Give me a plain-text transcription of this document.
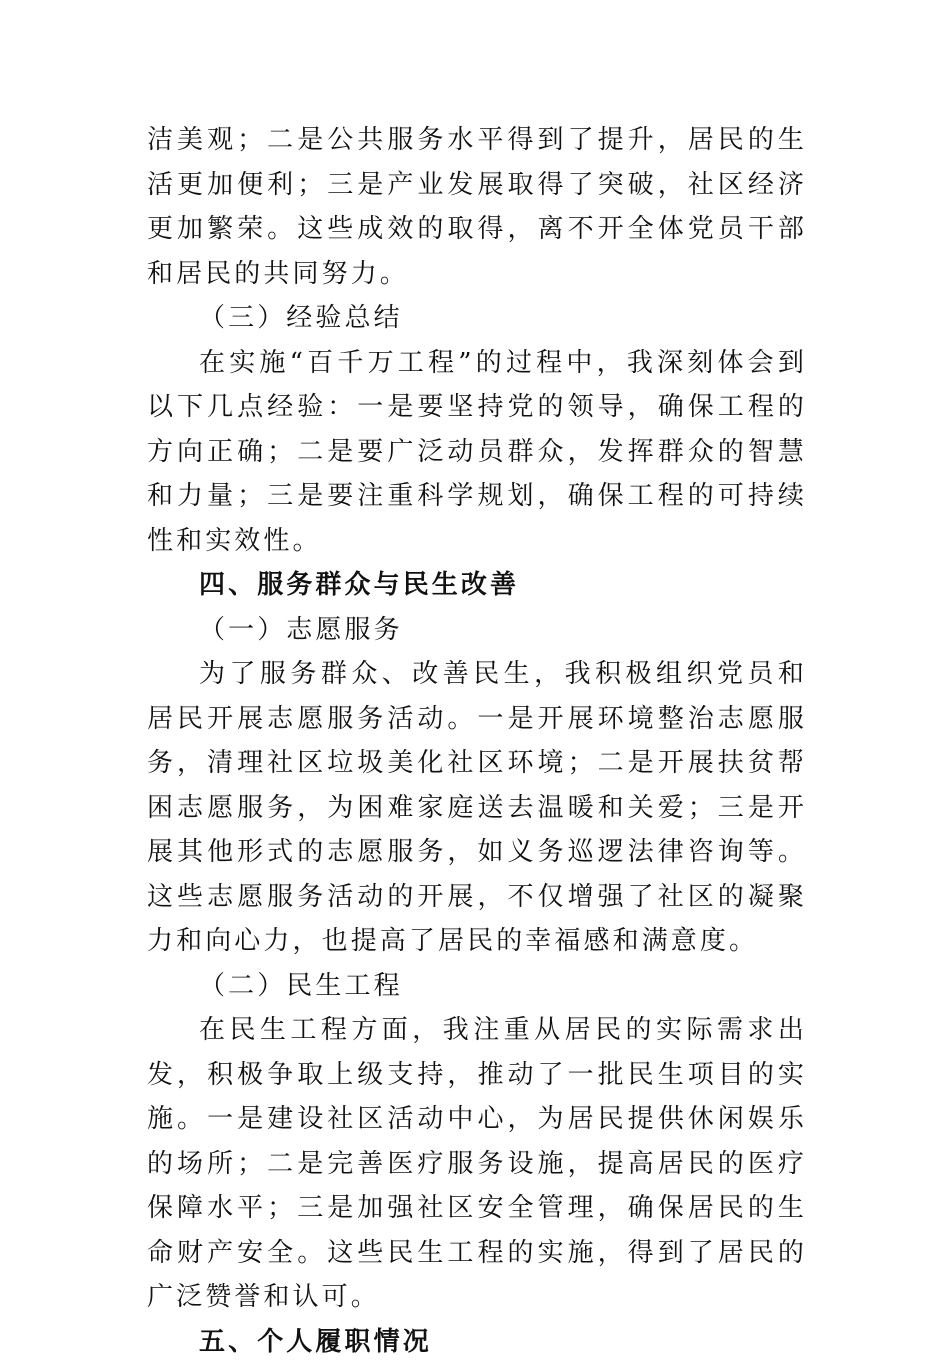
洁美观；二是公共服务水平得到了提升，居民的生活更加便利；三是产业发展取得了突破，社区经济更加繁荣。这些成效的取得，离不开全体党员干部和居民的共同努力。

（三）经验总结

在实施“百千万工程”的过程中，我深刻体会到以下几点经验：一是要坚持党的领导，确保工程的方向正确；二是要广泛动员群众，发挥群众的智慧和力量；三是要注重科学规划，确保工程的可持续性和实效性。

四、服务群众与民生改善

（一）志愿服务

为了服务群众、改善民生，我积极组织党员和居民开展志愿服务活动。一是开展环境整治志愿服务，清理社区垃圾美化社区环境；二是开展扶贫帮困志愿服务，为困难家庭送去温暖和关爱；三是开展其他形式的志愿服务，如义务巡逻法律咨询等。这些志愿服务活动的开展，不仅增强了社区的凝聚力和向心力，也提高了居民的幸福感和满意度。

（二）民生工程

在民生工程方面，我注重从居民的实际需求出发，积极争取上级支持，推动了一批民生项目的实施。一是建设社区活动中心，为居民提供休闲娱乐的场所；二是完善医疗服务设施，提高居民的医疗保障水平；三是加强社区安全管理，确保居民的生命财产安全。这些民生工程的实施，得到了居民的广泛赞誉和认可。

五、个人履职情况
